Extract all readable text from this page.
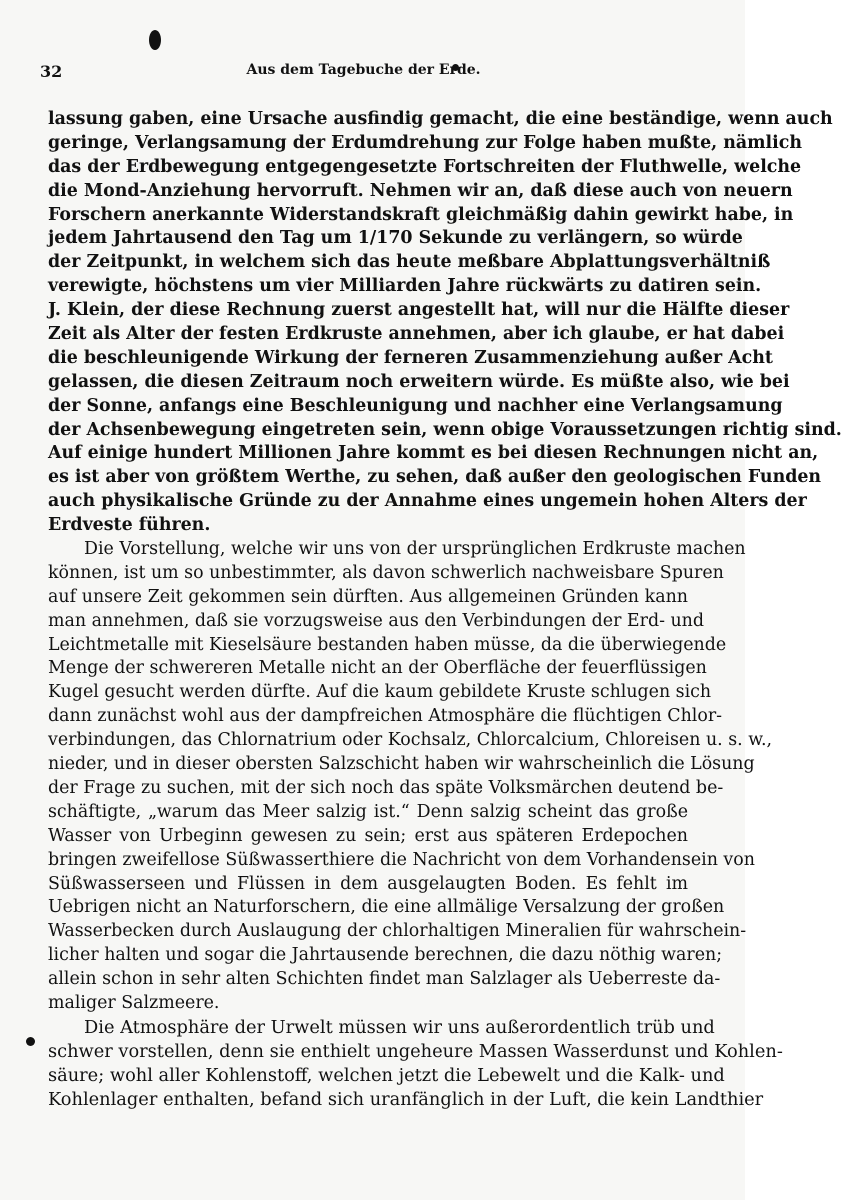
32	Aus dem Tagebuche der Erde.

lassung gaben, eine Ursache ausfindig gemacht, die eine beständige, wenn auch
geringe, Verlangsamung der Erdumdrehung zur Folge haben mußte, nämlich
das der Erdbewegung entgegengesetzte Fortschreiten der Fluthwelle, welche
die Mond-Anziehung hervorruft. Nehmen wir an, daß diese auch von neuern
Forschern anerkannte Widerstandskraft gleichmäßig dahin gewirkt habe, in
jedem Jahrtausend den Tag um 1/170 Sekunde zu verlängern, so würde
der Zeitpunkt, in welchem sich das heute meßbare Abplattungsverhältniß
verewigte, höchstens um vier Milliarden Jahre rückwärts zu datiren sein.
J. Klein, der diese Rechnung zuerst angestellt hat, will nur die Hälfte dieser
Zeit als Alter der festen Erdkruste annehmen, aber ich glaube, er hat dabei
die beschleunigende Wirkung der ferneren Zusammenziehung außer Acht
gelassen, die diesen Zeitraum noch erweitern würde. Es müßte also, wie bei
der Sonne, anfangs eine Beschleunigung und nachher eine Verlangsamung
der Achsenbewegung eingetreten sein, wenn obige Voraussetzungen richtig sind.
Auf einige hundert Millionen Jahre kommt es bei diesen Rechnungen nicht an,
es ist aber von größtem Werthe, zu sehen, daß außer den geologischen Funden
auch physikalische Gründe zu der Annahme eines ungemein hohen Alters der
Erdveste führen.

Die Vorstellung, welche wir uns von der ursprünglichen Erdkruste machen
können, ist um so unbestimmter, als davon schwerlich nachweisbare Spuren
auf unsere Zeit gekommen sein dürften. Aus allgemeinen Gründen kann
man annehmen, daß sie vorzugsweise aus den Verbindungen der Erd- und
Leichtmetalle mit Kieselsäure bestanden haben müsse, da die überwiegende
Menge der schwereren Metalle nicht an der Oberfläche der feuerflüssigen
Kugel gesucht werden dürfte. Auf die kaum gebildete Kruste schlugen sich
dann zunächst wohl aus der dampfreichen Atmosphäre die flüchtigen Chlor-
verbindungen, das Chlornatrium oder Kochsalz, Chlorcalcium, Chloreisen u. s. w.,
nieder, und in dieser obersten Salzschicht haben wir wahrscheinlich die Lösung
der Frage zu suchen, mit der sich noch das späte Volksmärchen deutend be-
schäftigte, „warum das Meer salzig ist.“ Denn salzig scheint das große
Wasser von Urbeginn gewesen zu sein; erst aus späteren Erdepochen
bringen zweifellose Süßwasserthiere die Nachricht von dem Vorhandensein von
Süßwasserseen und Flüssen in dem ausgelaugten Boden. Es fehlt im
Uebrigen nicht an Naturforschern, die eine allmälige Versalzung der großen
Wasserbecken durch Auslaugung der chlorhaltigen Mineralien für wahrschein-
licher halten und sogar die Jahrtausende berechnen, die dazu nöthig waren;
allein schon in sehr alten Schichten findet man Salzlager als Ueberreste da-
maliger Salzmeere.

Die Atmosphäre der Urwelt müssen wir uns außerordentlich trüb und
schwer vorstellen, denn sie enthielt ungeheure Massen Wasserdunst und Kohlen-
säure; wohl aller Kohlenstoff, welchen jetzt die Lebewelt und die Kalk- und
Kohlenlager enthalten, befand sich uranfänglich in der Luft, die kein Landthier
